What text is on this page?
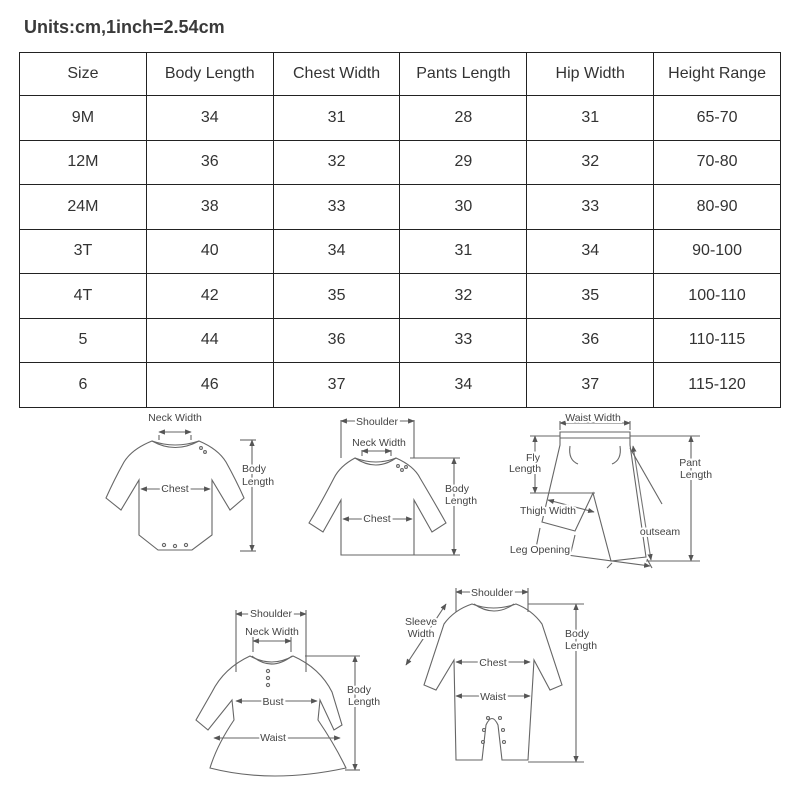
Units:cm,1inch=2.54cm
Size	Body Length	Chest Width	Pants Length	Hip Width	Height Range
9M	34	31	28	31	65-70
12M	36	32	29	32	70-80
24M	38	33	30	33	80-90
3T	40	34	31	34	90-100
4T	42	35	32	35	100-110
5	44	36	33	36	110-115
6	46	37	34	37	115-120
Neck Width
Chest
Body
Length
Shoulder
Neck Width
Chest
Body
Length
Waist Width
Fly
Length	Pant
Length
Thigh Width
outseam
Leg Opening
Shoulder
Neck Width
Bust
Waist
Body
Length
Shoulder
Sleeve
Width
Chest
Waist
Body
Length
